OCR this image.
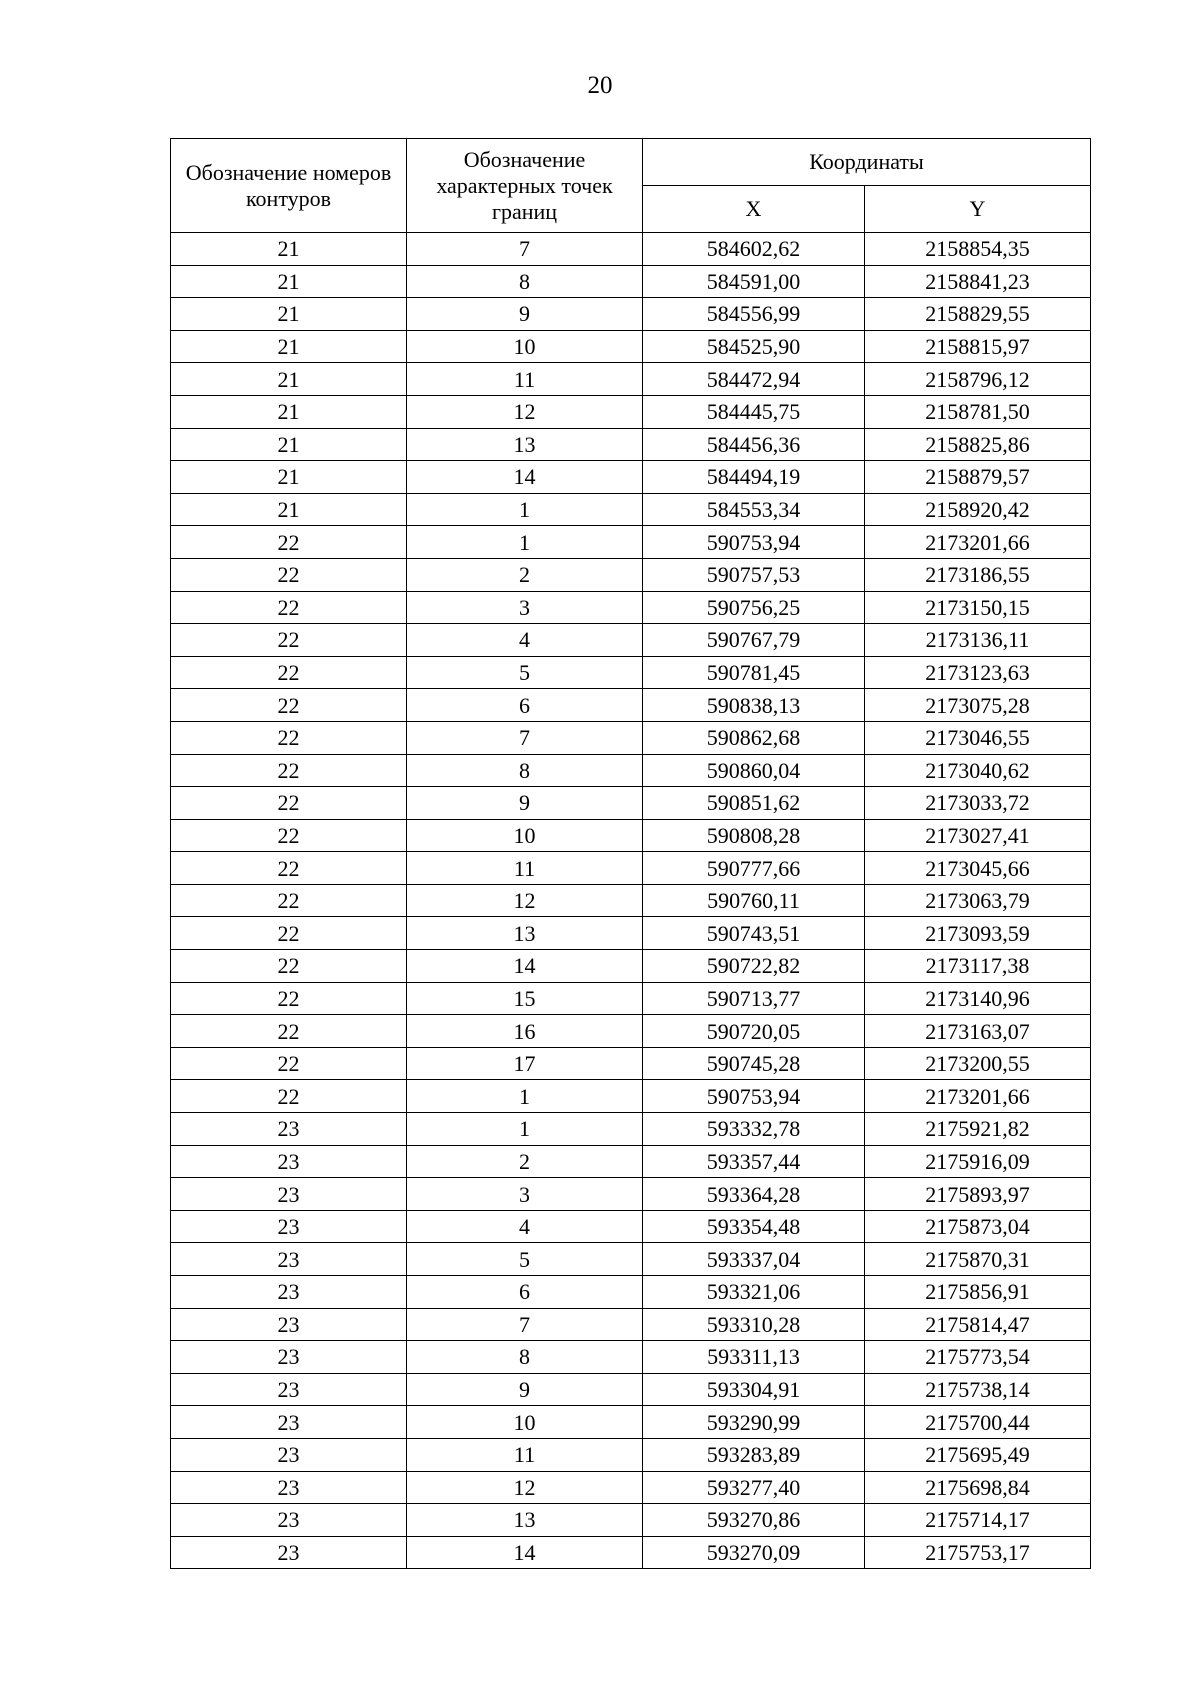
20
Обозначение номеров контуров	Обозначение характерных точек границ	Координаты	
		X	Y
21	7	584602,62	2158854,35
21	8	584591,00	2158841,23
21	9	584556,99	2158829,55
21	10	584525,90	2158815,97
21	11	584472,94	2158796,12
21	12	584445,75	2158781,50
21	13	584456,36	2158825,86
21	14	584494,19	2158879,57
21	1	584553,34	2158920,42
22	1	590753,94	2173201,66
22	2	590757,53	2173186,55
22	3	590756,25	2173150,15
22	4	590767,79	2173136,11
22	5	590781,45	2173123,63
22	6	590838,13	2173075,28
22	7	590862,68	2173046,55
22	8	590860,04	2173040,62
22	9	590851,62	2173033,72
22	10	590808,28	2173027,41
22	11	590777,66	2173045,66
22	12	590760,11	2173063,79
22	13	590743,51	2173093,59
22	14	590722,82	2173117,38
22	15	590713,77	2173140,96
22	16	590720,05	2173163,07
22	17	590745,28	2173200,55
22	1	590753,94	2173201,66
23	1	593332,78	2175921,82
23	2	593357,44	2175916,09
23	3	593364,28	2175893,97
23	4	593354,48	2175873,04
23	5	593337,04	2175870,31
23	6	593321,06	2175856,91
23	7	593310,28	2175814,47
23	8	593311,13	2175773,54
23	9	593304,91	2175738,14
23	10	593290,99	2175700,44
23	11	593283,89	2175695,49
23	12	593277,40	2175698,84
23	13	593270,86	2175714,17
23	14	593270,09	2175753,17
